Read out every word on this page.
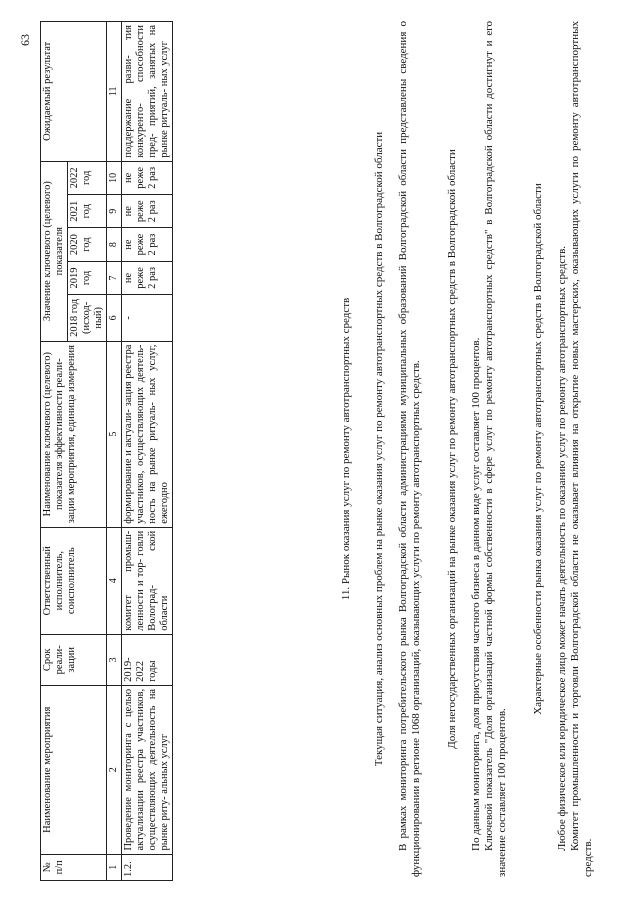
63
№ п/п	Наименование мероприятия	Срок реали- зации	Ответственный исполнитель, соисполнитель	Наименование ключевого (целевого) показателя эффективности реали- зации мероприятия, единица измерения	Значение ключевого (целевого) показателя					Ожидаемый результат
					2018 год (исход- ный)	2019 год	2020 год	2021 год	2022 год	
1	2	3	4	5	6	7	8	9	10	11
1.2.	Проведение мониторинга с целью актуализации реестра участников, осуществляющих деятельность на рынке риту- альных услуг	2019-2022 годы	комитет промыш- ленности и тор- говли Волоград- ской области	формирование и актуали- зация реестра участников, осуществляющих деятель- ность на рынке ритуаль- ных услуг, ежегодно	-	не реже 2 раз	не реже 2 раз	не реже 2 раз	не реже 2 раз	поддержание разви- тия конкуренто- способности пред- приятий, занятых на рынке ритуаль- ных услуг
11. Рынок оказания услуг по ремонту автотранспортных средств Текущая ситуация, анализ основных проблем на рынке оказания услуг по ремонту автотранспортных средств в Волгоградской области В рамках мониторинга потребительского рынка Волгоградской области администрациями муниципальных образований Волгоградской области представлены сведения о функционировании в регионе 1068 организаций, оказывающих услуги по ремонту автотранспортных средств. Доля негосударственных организаций на рынке оказания услуг по ремонту автотранспортных средств в Волгоградской области По данным мониторинга, доля присутствия частного бизнеса в данном виде услуг составляет 100 процентов. Ключевой показатель "Доля организаций частной формы собственности в сфере услуг по ремонту автотранспортных средств" в Волгоградской области достигнут и его значение составляет 100 процентов.
Характерные особенности рынка оказания услуг по ремонту автотранспортных средств в Волгоградской области Любое физическое или юридическое лицо может начать деятельность по оказанию услуг по ремонту автотранспортных средств. Комитет промышленности и торговли Волгоградской области не оказывает влияния на открытие новых мастерских, оказывающих услуги по ремонту автотранспортных средств.
